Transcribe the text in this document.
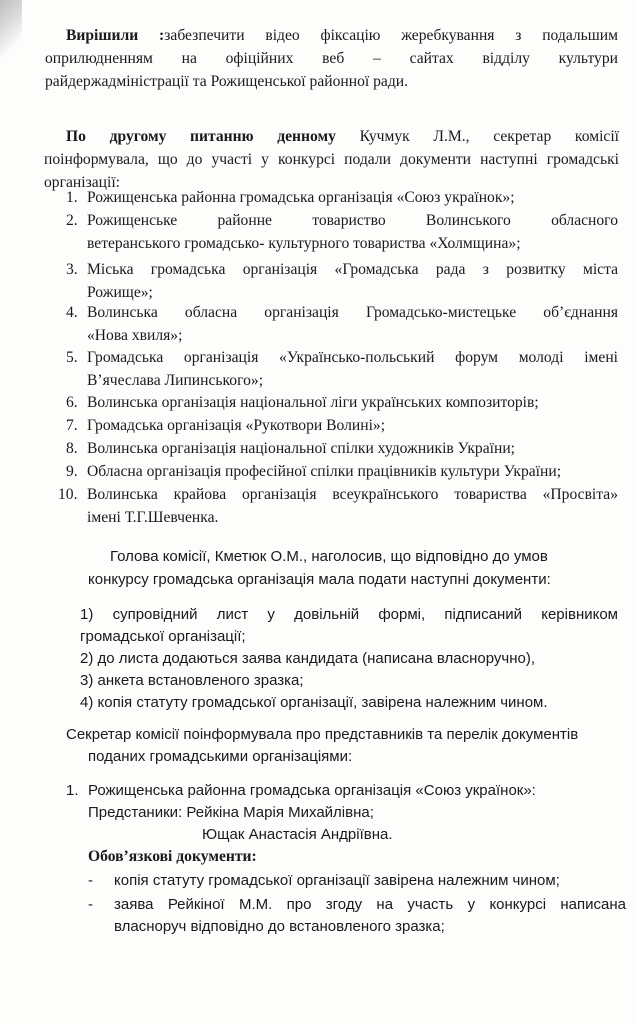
Вирішили :забезпечити відео фіксацію жеребкування з подальшим
оприлюдненням на офіційних веб – сайтах відділу культури
райдержадміністрації та Рожищенської районної ради.
По другому питанню денному Кучмук Л.М., секретар комісії
поінформувала, що до участі у конкурсі подали документи наступні громадські
організації:
1. Рожищенська районна громадська організація «Союз українок»;
2. Рожищенське районне товариство Волинського обласного
ветеранського громадсько- культурного товариства «Холмщина»;
3. Міська громадська організація «Громадська рада з розвитку міста
Рожище»;
4. Волинська обласна організація Громадсько-мистецьке об’єднання
«Нова хвиля»;
5. Громадська організація «Українсько-польський форум молоді імені
В’ячеслава Липинського»;
6. Волинська організація національної ліги українських композиторів;
7. Громадська організація «Рукотвори Волині»;
8. Волинська організація національної спілки художників України;
9. Обласна організація професійної спілки працівників культури України;
10. Волинська крайова організація всеукраїнського товариства «Просвіта»
імені Т.Г.Шевченка.
Голова комісії, Кметюк О.М., наголосив, що відповідно до умов
конкурсу громадська організація мала подати наступні документи:
1) супровідний лист у довільній формі, підписаний керівником
громадської організації;
2) до листа додаються заява кандидата (написана власноручно),
3) анкета встановленого зразка;
4) копія статуту громадської організації, завірена належним чином.
Секретар комісії поінформувала про представників та перелік документів
поданих громадськими організаціями:
1. Рожищенська районна громадська організація «Союз українок»:
Предстаники: Рейкіна Марія Михайлівна;
Ющак Анастасія Андріївна.
Обов’язкові документи:
- копія статуту громадської організації завірена належним чином;
- заява Рейкіної М.М. про згоду на участь у конкурсі написана
власноруч відповідно до встановленого зразка;
